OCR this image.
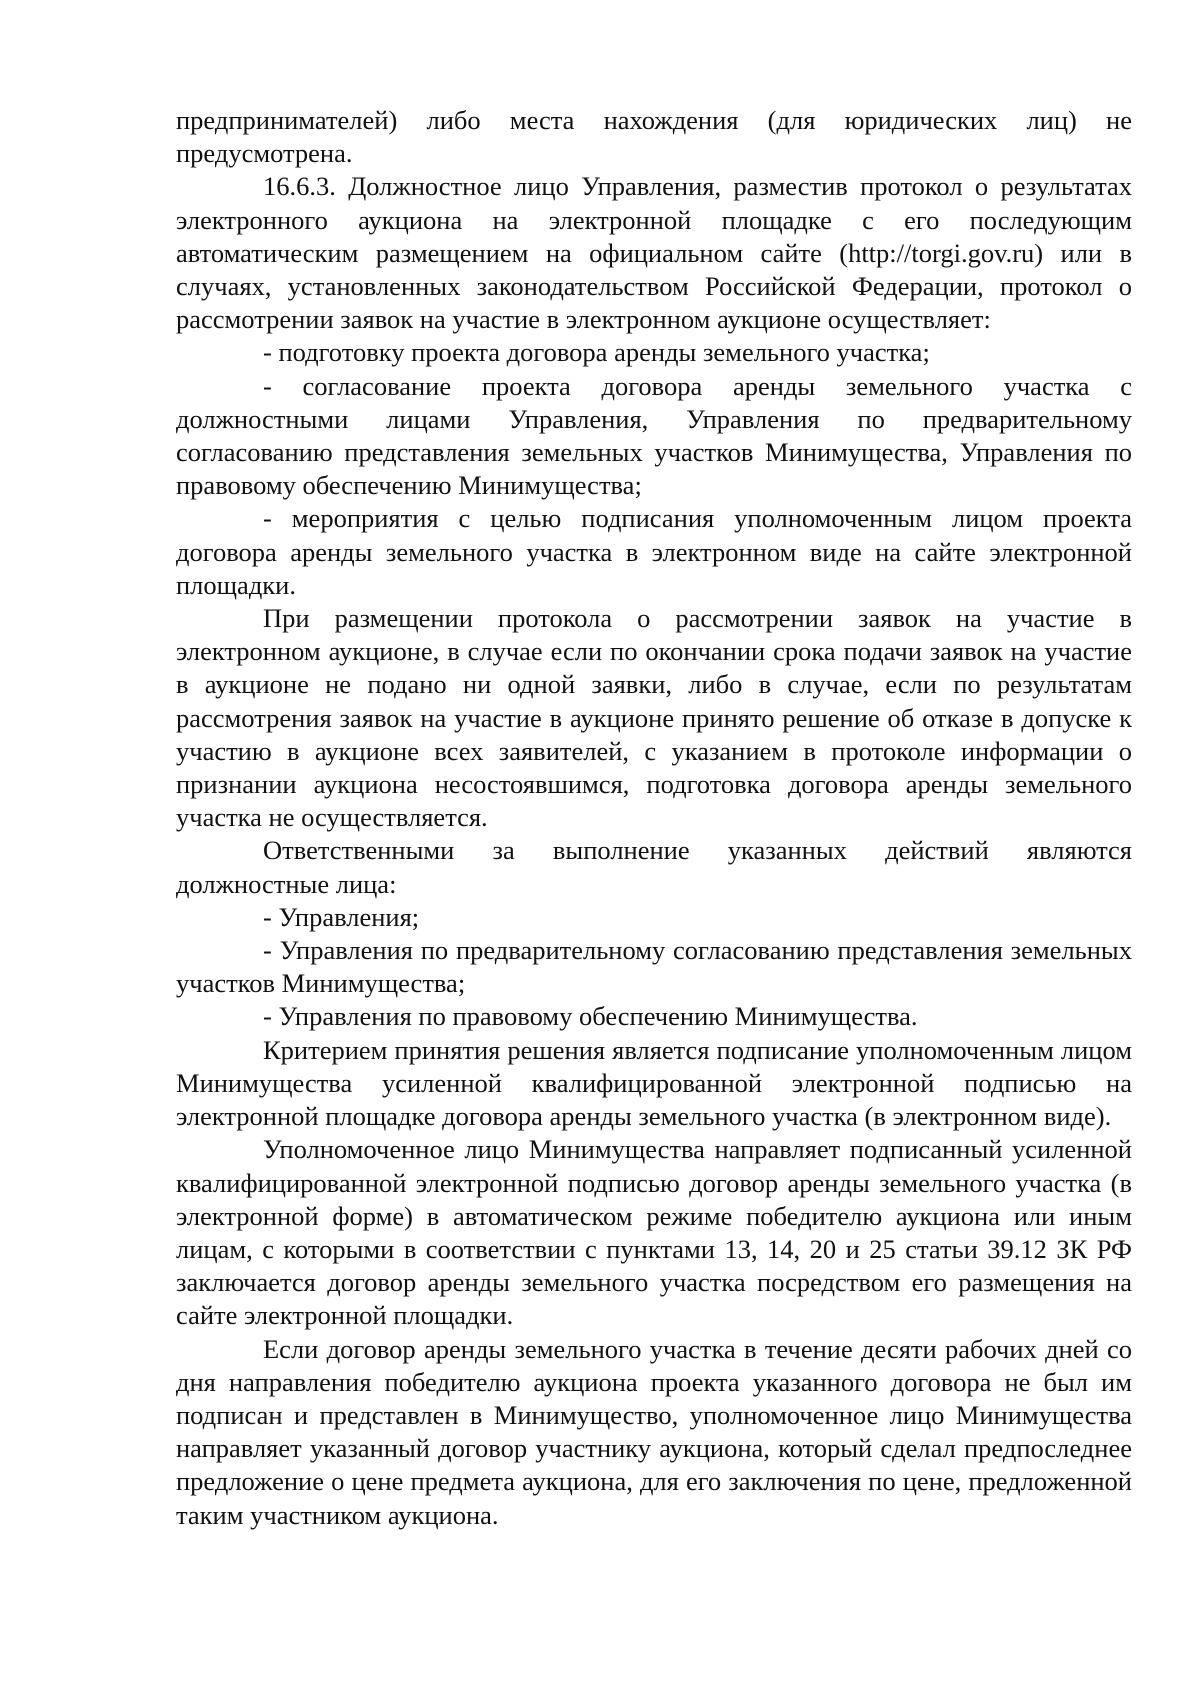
предпринимателей) либо места нахождения (для юридических лиц) не предусмотрена.

16.6.3. Должностное лицо Управления, разместив протокол о результатах электронного аукциона на электронной площадке с его последующим автоматическим размещением на официальном сайте (http://torgi.gov.ru) или в случаях, установленных законодательством Российской Федерации, протокол о рассмотрении заявок на участие в электронном аукционе осуществляет:

- подготовку проекта договора аренды земельного участка;

- согласование проекта договора аренды земельного участка с должностными лицами Управления, Управления по предварительному согласованию представления земельных участков Минимущества, Управления по правовому обеспечению Минимущества;

- мероприятия с целью подписания уполномоченным лицом проекта договора аренды земельного участка в электронном виде на сайте электронной площадки.

При размещении протокола о рассмотрении заявок на участие в электронном аукционе, в случае если по окончании срока подачи заявок на участие в аукционе не подано ни одной заявки, либо в случае, если по результатам рассмотрения заявок на участие в аукционе принято решение об отказе в допуске к участию в аукционе всех заявителей, с указанием в протоколе информации о признании аукциона несостоявшимся, подготовка договора аренды земельного участка не осуществляется.

Ответственными за выполнение указанных действий являются должностные лица:

- Управления;

- Управления по предварительному согласованию представления земельных участков Минимущества;

- Управления по правовому обеспечению Минимущества.

Критерием принятия решения является подписание уполномоченным лицом Минимущества усиленной квалифицированной электронной подписью на электронной площадке договора аренды земельного участка (в электронном виде).

Уполномоченное лицо Минимущества направляет подписанный усиленной квалифицированной электронной подписью договор аренды земельного участка (в электронной форме) в автоматическом режиме победителю аукциона или иным лицам, с которыми в соответствии с пунктами 13, 14, 20 и 25 статьи 39.12 ЗК РФ заключается договор аренды земельного участка посредством его размещения на сайте электронной площадки.

Если договор аренды земельного участка в течение десяти рабочих дней со дня направления победителю аукциона проекта указанного договора не был им подписан и представлен в Минимущество, уполномоченное лицо Минимущества направляет указанный договор участнику аукциона, который сделал предпоследнее предложение о цене предмета аукциона, для его заключения по цене, предложенной таким участником аукциона.
